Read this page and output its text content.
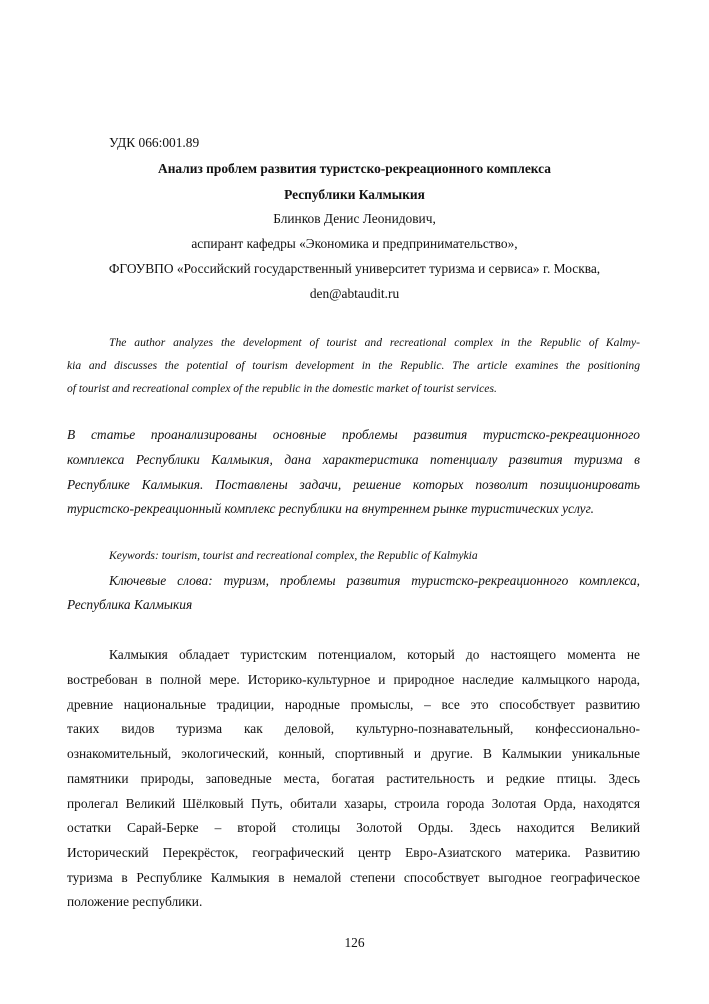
УДК 066:001.89
Анализ проблем развития туристско-рекреационного комплекса
Республики Калмыкия
Блинков Денис Леонидович,
аспирант кафедры «Экономика и предпринимательство»,
ФГОУВПО «Российский государственный университет туризма и сервиса» г. Москва,
den@abtaudit.ru
The author analyzes the development of tourist and recreational complex in the Republic of Kalmy-
kia and discusses the potential of tourism development in the Republic. The article examines the positioning
of tourist and recreational complex of the republic in the domestic market of tourist services.
В статье проанализированы основные проблемы развития туристско-рекреационного
комплекса Республики Калмыкия, дана характеристика потенциалу развития туризма в
Республике Калмыкия. Поставлены задачи, решение которых позволит позиционировать
туристско-рекреационный комплекс республики на внутреннем рынке туристических услуг.
Keywords: tourism, tourist and recreational complex, the Republic of Kalmykia
Ключевые слова: туризм, проблемы развития туристско-рекреационного комплекса,
Республика Калмыкия
Калмыкия обладает туристским потенциалом, который до настоящего момента не
востребован в полной мере. Историко-культурное и природное наследие калмыцкого народа,
древние национальные традиции, народные промыслы, – все это способствует развитию
таких видов туризма как деловой, культурно-познавательный, конфессионально-
ознакомительный, экологический, конный, спортивный и другие. В Калмыкии уникальные
памятники природы, заповедные места, богатая растительность и редкие птицы. Здесь
пролегал Великий Шёлковый Путь, обитали хазары, строила города Золотая Орда, находятся
остатки Сарай-Берке – второй столицы Золотой Орды. Здесь находится Великий
Исторический Перекрёсток, географический центр Евро-Азиатского материка. Развитию
туризма в Республике Калмыкия в немалой степени способствует выгодное географическое
положение республики.
126
